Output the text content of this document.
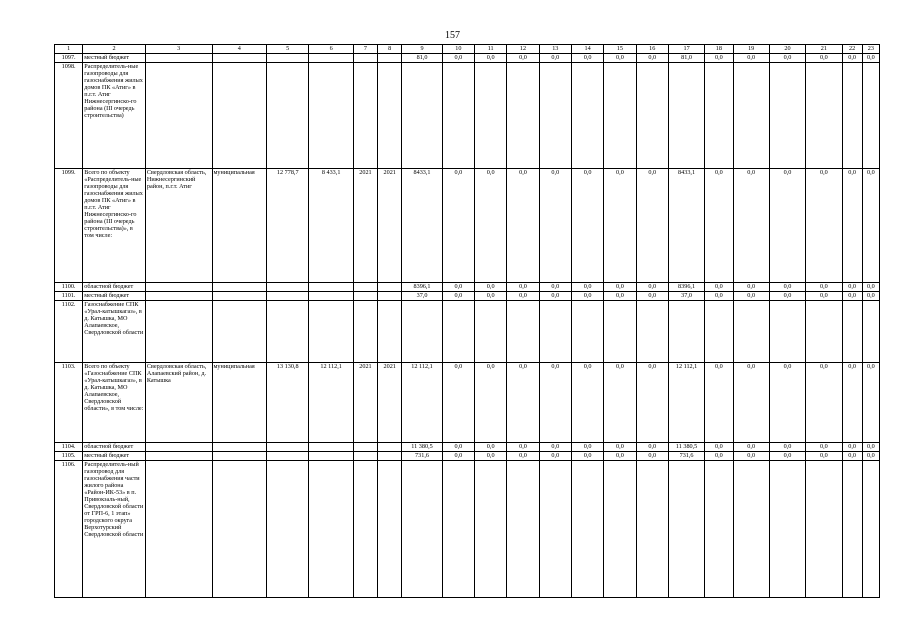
157
1	2	3	4	5	6	7	8	9	10	11	12	13	14	15	16	17	18	19	20	21	22	23
1097.	местный бюджет							81,0	0,0	0,0	0,0	0,0	0,0	0,0	0,0	81,0	0,0	0,0	0,0	0,0	0,0	0,0
1098.	Распределитель-ные газопроводы для газоснабжения жилых домов ПК «Атиг» в п.г.т. Атиг Нижнесергинско-го района (III очередь строительства)																					
1099.	Всего по объекту «Распределитель-ные газопроводы для газоснабжения жилых домов ПК «Атиг» в п.г.т. Атиг Нижнесергинско-го района (III очередь строительства)», в том числе:	Свердловская область, Нижнесергинский район, п.г.т. Атиг	муниципальная	12 778,7	8 433,1	2021	2021	8433,1	0,0	0,0	0,0	0,0	0,0	0,0	0,0	8433,1	0,0	0,0	0,0	0,0	0,0	0,0
1100.	областной бюджет							8396,1	0,0	0,0	0,0	0,0	0,0	0,0	0,0	8396,1	0,0	0,0	0,0	0,0	0,0	0,0
1101.	местный бюджет							37,0	0,0	0,0	0,0	0,0	0,0	0,0	0,0	37,0	0,0	0,0	0,0	0,0	0,0	0,0
1102.	Газоснабжение СПК «Урал-катышкагаз», в д. Катышка, МО Алапаевское, Свердловской области																					
1103.	Всего по объекту «Газоснабжение СПК «Урал-катышкагаз», в д. Катышка, МО Алапаевское, Свердловской области», в том числе:	Свердловская область, Алапаевский район, д. Катышка	муниципальная	13 130,8	12 112,1	2021	2021	12 112,1	0,0	0,0	0,0	0,0	0,0	0,0	0,0	12 112,1	0,0	0,0	0,0	0,0	0,0	0,0
1104.	областной бюджет							11 380,5	0,0	0,0	0,0	0,0	0,0	0,0	0,0	11 380,5	0,0	0,0	0,0	0,0	0,0	0,0
1105.	местный бюджет							731,6	0,0	0,0	0,0	0,0	0,0	0,0	0,0	731,6	0,0	0,0	0,0	0,0	0,0	0,0
1106.	Распределитель-ный газопровод для газоснабжения части жилого района «Район-ИК-53» в п. Привокзаль-ный, Свердловской области от ГРП-6, 1 этап» городского округа Верхотурский Свердловской области																					
